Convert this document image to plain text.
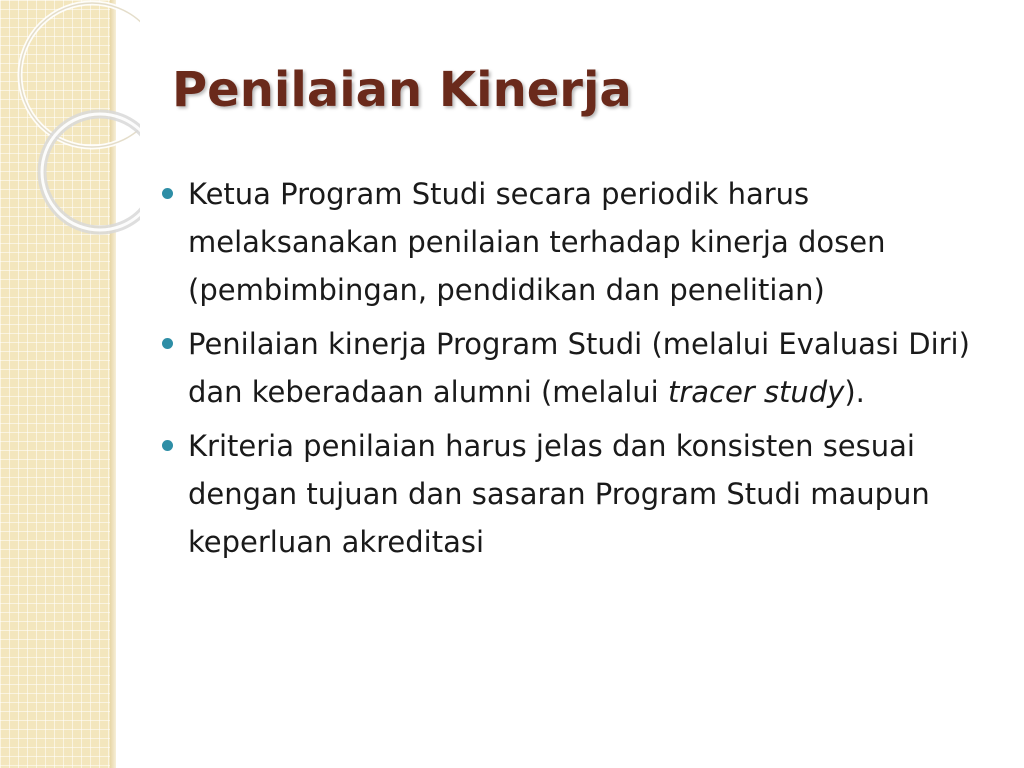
Penilaian Kinerja
Ketua Program Studi secara periodik harus melaksanakan penilaian terhadap kinerja dosen (pembimbingan, pendidikan dan penelitian)
Penilaian kinerja Program Studi (melalui Evaluasi Diri) dan keberadaan alumni (melalui tracer study).
Kriteria penilaian harus jelas dan konsisten sesuai dengan tujuan dan sasaran Program Studi maupun keperluan akreditasi
